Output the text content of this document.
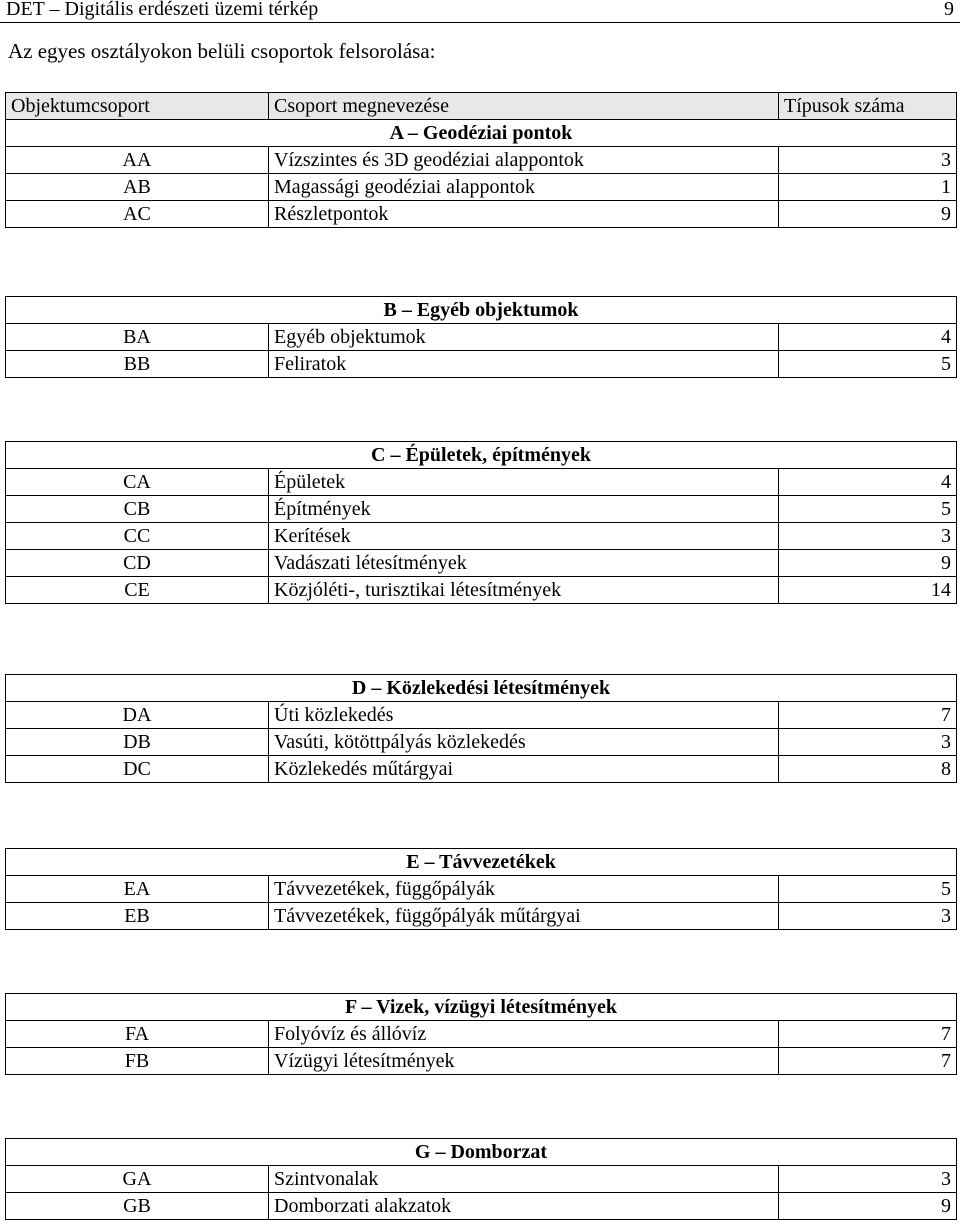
DET – Digitális erdészeti üzemi térkép	9
Az egyes osztályokon belüli csoportok felsorolása:
Objektumcsoport	Csoport megnevezése	Típusok száma
A – Geodéziai pontok		
AA	Vízszintes és 3D geodéziai alappontok	3
AB	Magassági geodéziai alappontok	1
AC	Részletpontok	9
B – Egyéb objektumok		
BA	Egyéb objektumok	4
BB	Feliratok	5
C – Épületek, építmények		
CA	Épületek	4
CB	Építmények	5
CC	Kerítések	3
CD	Vadászati létesítmények	9
CE	Közjóléti-, turisztikai létesítmények	14
D – Közlekedési létesítmények		
DA	Úti közlekedés	7
DB	Vasúti, kötöttpályás közlekedés	3
DC	Közlekedés műtárgyai	8
E – Távvezetékek		
EA	Távvezetékek, függőpályák	5
EB	Távvezetékek, függőpályák műtárgyai	3
F – Vizek, vízügyi létesítmények		
FA	Folyóvíz és állóvíz	7
FB	Vízügyi létesítmények	7
G – Domborzat		
GA	Szintvonalak	3
GB	Domborzati alakzatok	9
